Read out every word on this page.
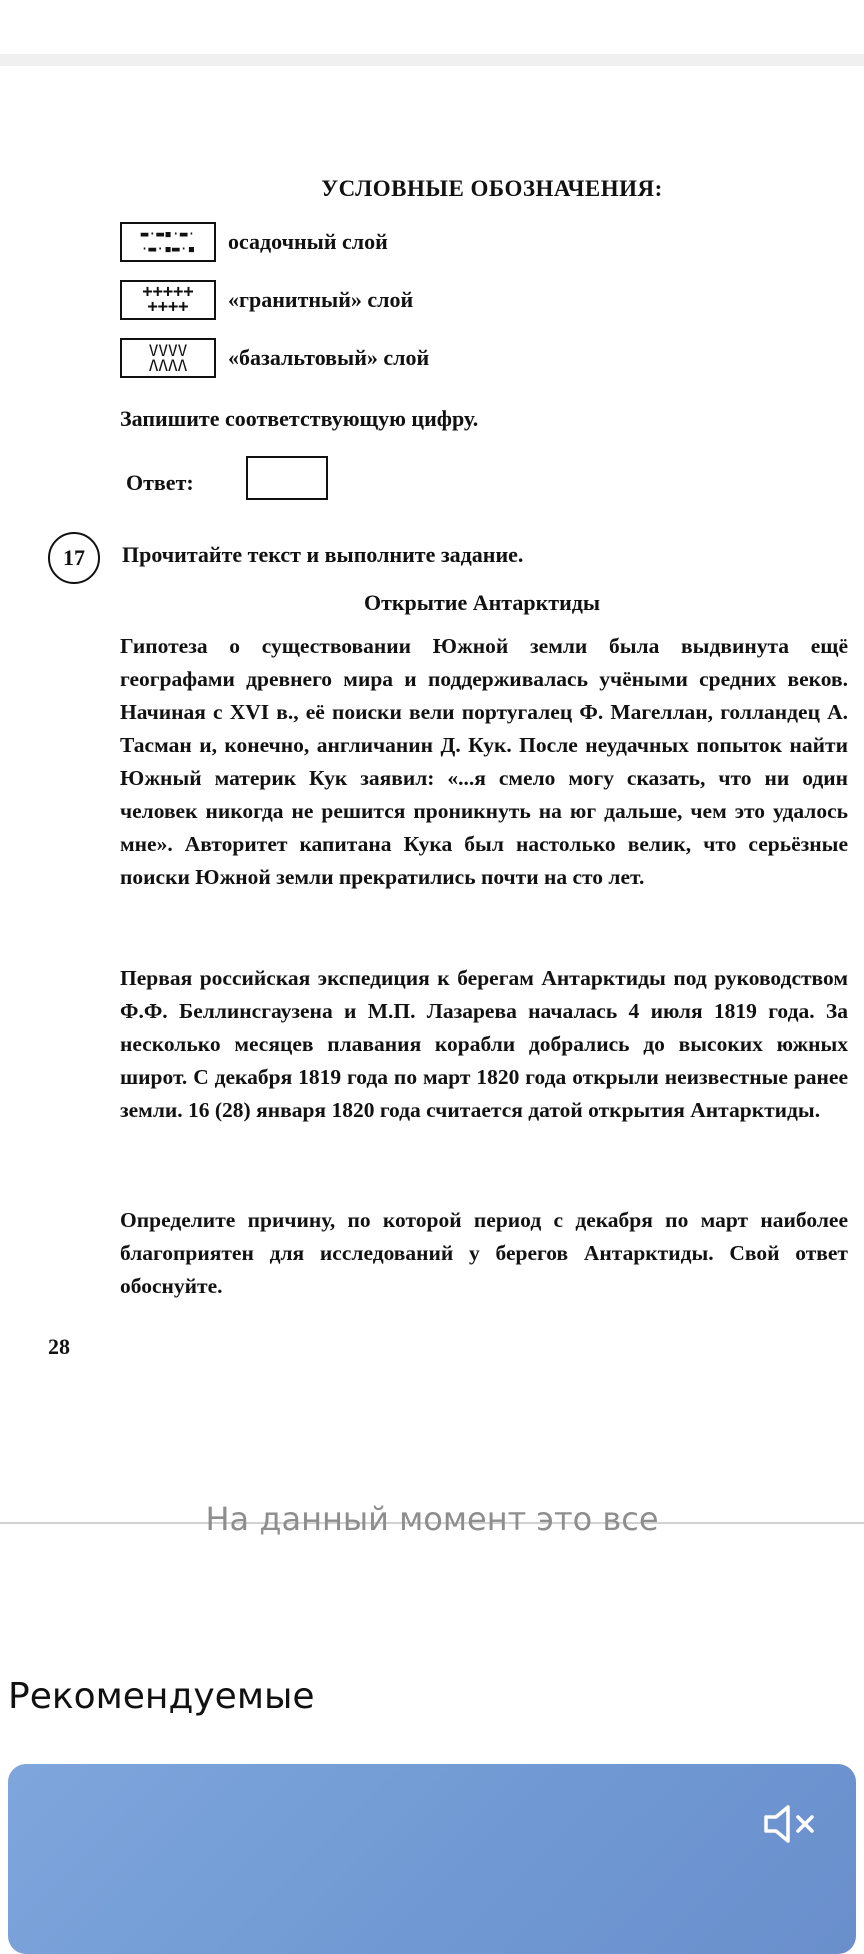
УСЛОВНЫЕ ОБОЗНАЧЕНИЯ:
▬·▬▪·▬·
·▬·▪▬·▪ осадочный слой
+++++
++++ «гранитный» слой
VVVV
ΛΛΛΛ «базальтовый» слой
Запишите соответствующую цифру.
Ответ:
17	Прочитайте текст и выполните задание.
Открытие Антарктиды
Гипотеза о существовании Южной земли была выдвинута ещё географами древнего мира и поддерживалась учёными средних веков. Начиная с XVI в., её поиски вели португалец Ф. Магеллан, голландец А. Тасман и, конечно, англичанин Д. Кук. После неудачных попыток найти Южный материк Кук заявил: «...я смело могу сказать, что ни один человек никогда не решится проникнуть на юг дальше, чем это удалось мне». Авторитет капитана Кука был настолько велик, что серьёзные поиски Южной земли прекратились почти на сто лет.
Первая российская экспедиция к берегам Антарктиды под руководством Ф.Ф. Беллинсгаузена и М.П. Лазарева началась 4 июля 1819 года. За несколько месяцев плавания корабли добрались до высоких южных широт. С декабря 1819 года по март 1820 года открыли неизвестные ранее земли. 16 (28) января 1820 года считается датой открытия Антарктиды.
Определите причину, по которой период с декабря по март наиболее благоприятен для исследований у берегов Антарктиды. Свой ответ обоснуйте.
28
На данный момент это все
Рекомендуемые
